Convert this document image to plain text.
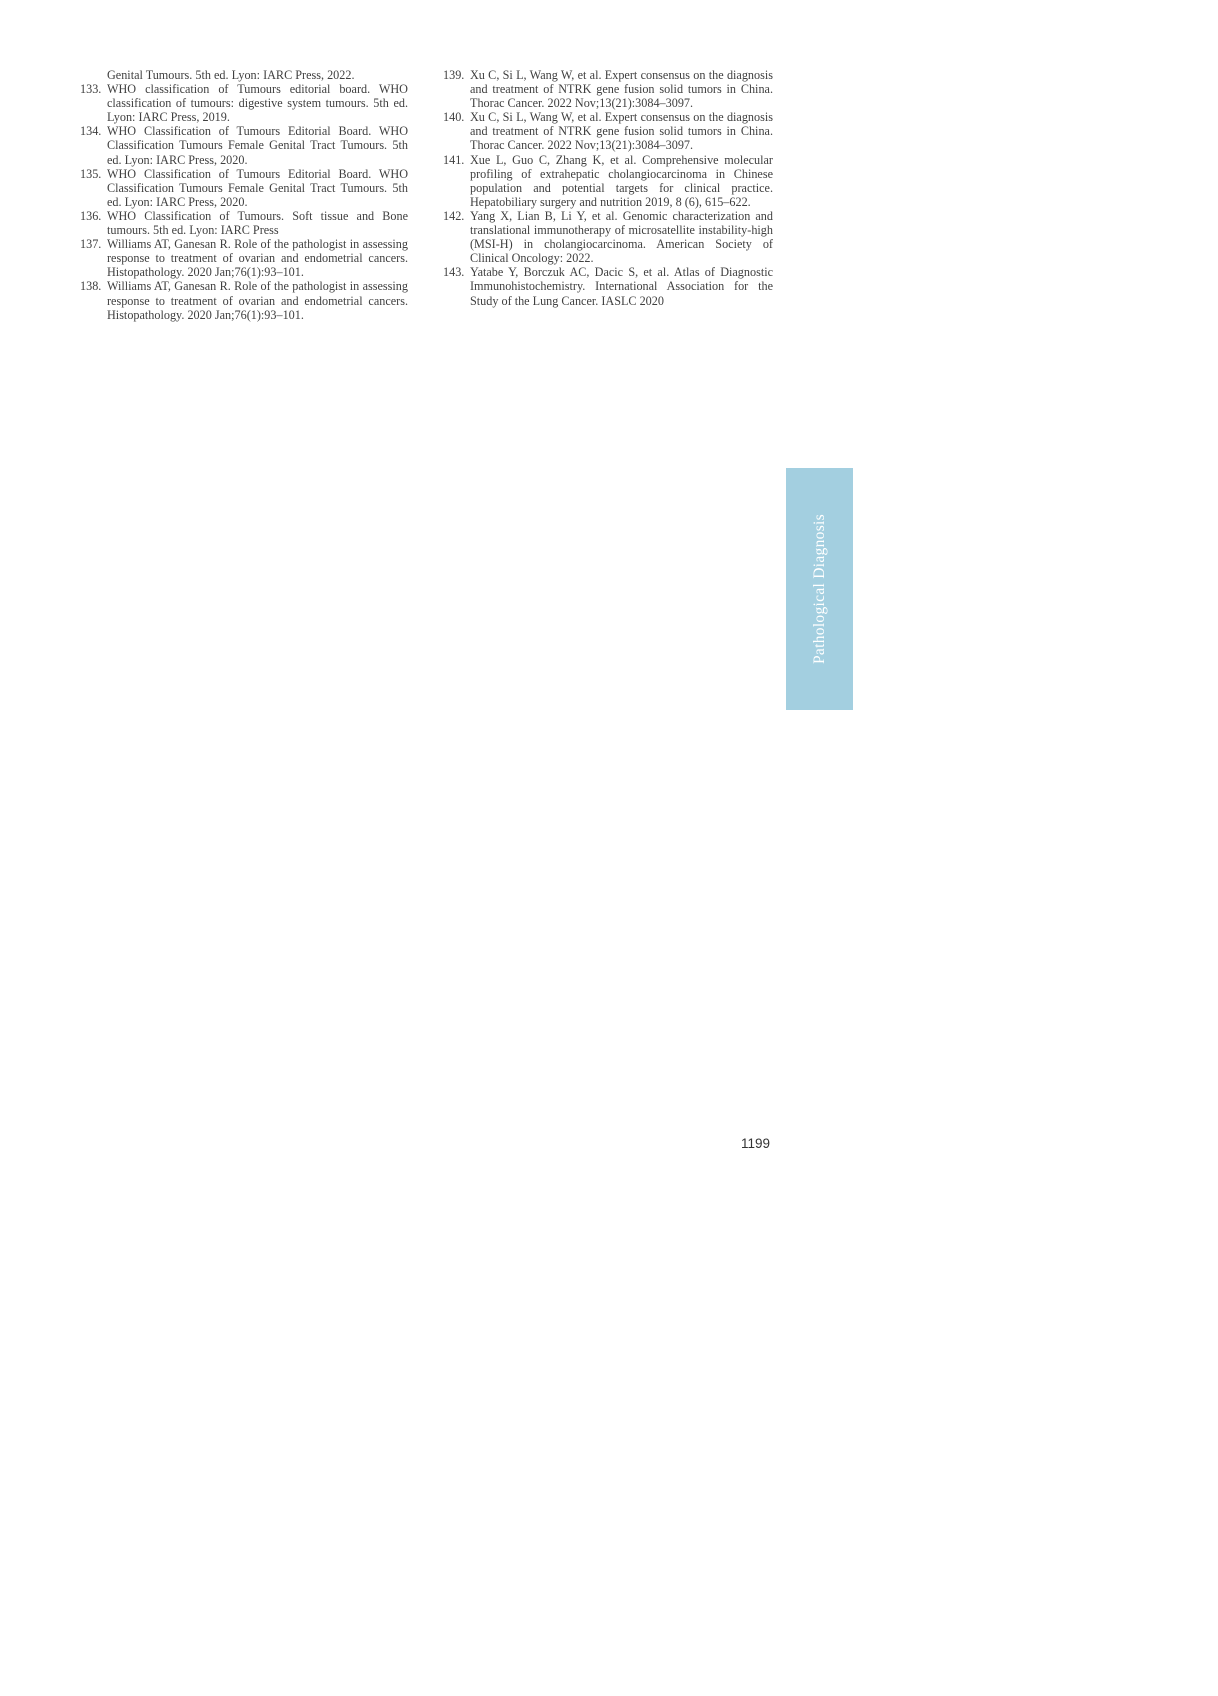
Genital Tumours. 5th ed. Lyon: IARC Press, 2022.

133. WHO classification of Tumours editorial board. WHO classification of tumours: digestive system tumours. 5th ed. Lyon: IARC Press, 2019.

134. WHO Classification of Tumours Editorial Board. WHO Classification Tumours Female Genital Tract Tumours. 5th ed. Lyon: IARC Press, 2020.

135. WHO Classification of Tumours Editorial Board. WHO Classification Tumours Female Genital Tract Tumours. 5th ed. Lyon: IARC Press, 2020.

136. WHO Classification of Tumours. Soft tissue and Bone tumours. 5th ed. Lyon: IARC Press

137. Williams AT, Ganesan R. Role of the pathologist in assessing response to treatment of ovarian and endometrial cancers. Histopathology. 2020 Jan;76(1):93–101.

138. Williams AT, Ganesan R. Role of the pathologist in assessing response to treatment of ovarian and endometrial cancers. Histopathology. 2020 Jan;76(1):93–101.

139. Xu C, Si L, Wang W, et al. Expert consensus on the diagnosis and treatment of NTRK gene fusion solid tumors in China. Thorac Cancer. 2022 Nov;13(21):3084–3097.

140. Xu C, Si L, Wang W, et al. Expert consensus on the diagnosis and treatment of NTRK gene fusion solid tumors in China. Thorac Cancer. 2022 Nov;13(21):3084–3097.

141. Xue L, Guo C, Zhang K, et al. Comprehensive molecular profiling of extrahepatic cholangiocarcinoma in Chinese population and potential targets for clinical practice. Hepatobiliary surgery and nutrition 2019, 8 (6), 615–622.

142. Yang X, Lian B, Li Y, et al. Genomic characterization and translational immunotherapy of microsatellite instability-high (MSI-H) in cholangiocarcinoma. American Society of Clinical Oncology: 2022.

143. Yatabe Y, Borczuk AC, Dacic S, et al. Atlas of Diagnostic Immunohistochemistry. International Association for the Study of the Lung Cancer. IASLC 2020

Pathological Diagnosis
1199
